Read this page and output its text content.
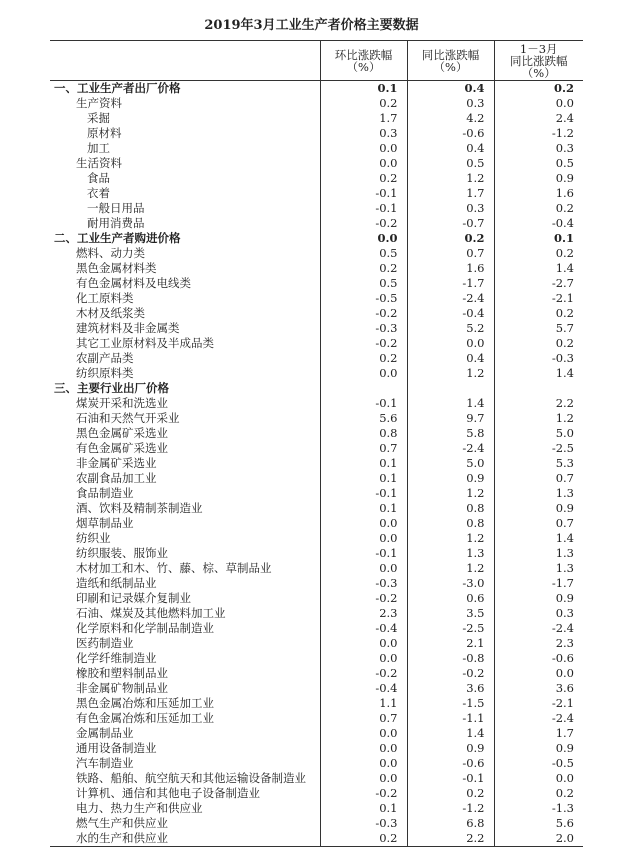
2019年3月工业生产者价格主要数据
	环比涨跌幅（%）	同比涨跌幅（%）	1－3月
同比涨跌幅（%）

一、工业生产者出厂价格	0.1	0.4	0.2
生产资料	0.2	0.3	0.0
采掘	1.7	4.2	2.4
原材料	0.3	-0.6	-1.2
加工	0.0	0.4	0.3
生活资料	0.0	0.5	0.5
食品	0.2	1.2	0.9
衣着	-0.1	1.7	1.6
一般日用品	-0.1	0.3	0.2
耐用消费品	-0.2	-0.7	-0.4
二、工业生产者购进价格	0.0	0.2	0.1
燃料、动力类	0.5	0.7	0.2
黑色金属材料类	0.2	1.6	1.4
有色金属材料及电线类	0.5	-1.7	-2.7
化工原料类	-0.5	-2.4	-2.1
木材及纸浆类	-0.2	-0.4	0.2
建筑材料及非金属类	-0.3	5.2	5.7
其它工业原材料及半成品类	-0.2	0.0	0.2
农副产品类	0.2	0.4	-0.3
纺织原料类	0.0	1.2	1.4
三、主要行业出厂价格			
煤炭开采和洗选业	-0.1	1.4	2.2
石油和天然气开采业	5.6	9.7	1.2
黑色金属矿采选业	0.8	5.8	5.0
有色金属矿采选业	0.7	-2.4	-2.5
非金属矿采选业	0.1	5.0	5.3
农副食品加工业	0.1	0.9	0.7
食品制造业	-0.1	1.2	1.3
酒、饮料及精制茶制造业	0.1	0.8	0.9
烟草制品业	0.0	0.8	0.7
纺织业	0.0	1.2	1.4
纺织服装、服饰业	-0.1	1.3	1.3
木材加工和木、竹、藤、棕、草制品业	0.0	1.2	1.3
造纸和纸制品业	-0.3	-3.0	-1.7
印刷和记录媒介复制业	-0.2	0.6	0.9
石油、煤炭及其他燃料加工业	2.3	3.5	0.3
化学原料和化学制品制造业	-0.4	-2.5	-2.4
医药制造业	0.0	2.1	2.3
化学纤维制造业	0.0	-0.8	-0.6
橡胶和塑料制品业	-0.2	-0.2	0.0
非金属矿物制品业	-0.4	3.6	3.6
黑色金属冶炼和压延加工业	1.1	-1.5	-2.1
有色金属冶炼和压延加工业	0.7	-1.1	-2.4
金属制品业	0.0	1.4	1.7
通用设备制造业	0.0	0.9	0.9
汽车制造业	0.0	-0.6	-0.5
铁路、船舶、航空航天和其他运输设备制造业	0.0	-0.1	0.0
计算机、通信和其他电子设备制造业	-0.2	0.2	0.2
电力、热力生产和供应业	0.1	-1.2	-1.3
燃气生产和供应业	-0.3	6.8	5.6
水的生产和供应业	0.2	2.2	2.0
